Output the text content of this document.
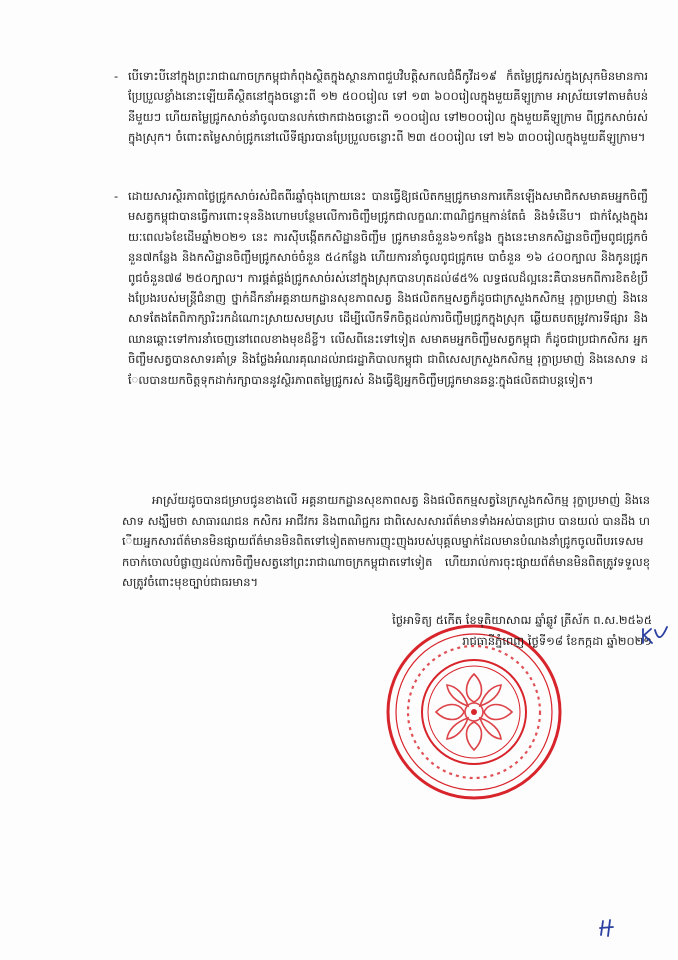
- បើទោះបីនៅក្នុងព្រះរាជាណាចក្រកម្ពុជាកំពុងស្ថិតក្នុងស្ថានភាពជួបវិបត្តិសកលជំងឺកូវីដ១៩ ក៏តម្លៃជ្រូករស់ក្នុងស្រុកមិនមានការប្រែប្រួលខ្លាំងនោះឡើយគឺស្ថិតនៅក្នុងចន្លោះពី ១២ ៥០០រៀល ទៅ ១៣ ៦០០រៀលក្នុងមួយគីឡូក្រាម អាស្រ័យទៅតាមតំបន់នីមួយៗ ហើយតម្លៃជ្រូកសាច់នាំចូលបានលក់ថោកជាងចន្លោះពី ១០០រៀល ទៅ២០០រៀល ក្នុងមួយគីឡូក្រាម ពីជ្រូកសាច់រស់ក្នុងស្រុក។ ចំពោះតម្លៃសាច់ជ្រូកនៅលើទីផ្សារបានប្រែប្រួលចន្លោះពី ២៣ ៥០០រៀល ទៅ ២៦ ៣០០រៀលក្នុងមួយគីឡូក្រាម។
- ដោយសារស្ថិរភាពថ្លៃជ្រូកសាច់រស់ជិតពីរឆ្នាំចុងក្រោយនេះ បានធ្វើឱ្យផលិតកម្មជ្រូកមានការកើនឡើងសមាជិកសមាគមអ្នកចិញ្ចឹមសត្វកម្ពុជាបានធ្វើការពោះទុននិងហោមបន្ថែមលើការចិញ្ចឹមជ្រូកជាលក្ខណៈពាណិជ្ជកម្មកាន់តែធំ និងទំនើប។ ជាក់ស្តែងក្នុងរយៈពេល៦ខែដើមឆ្នាំ២០២១ នេះ ការស៊ីបង្កើតកសិដ្ឋានចិញ្ចឹម ជ្រូកមានចំនួន៦១កន្លែង ក្នុងនេះមានកសិដ្ឋានចិញ្ចឹមពូជជ្រូកចំនួន៧កន្លែង និងកសិដ្ឋានចិញ្ចឹមជ្រូកសាច់ចំនួន ៥៤កន្លែង ហើយការនាំចូលពូជជ្រូកមេ បាចំនួន ១៦ ៤០០ក្បាល និងកូនជ្រូកពូជចំនួន៧៨ ២៥០ក្បាល។ ការផ្គត់ផ្គង់ជ្រូកសាច់រស់នៅក្នុងស្រុកបានហុតដល់៨៥% លទ្ធផលដ៏ល្អនេះគឺបានមកពីការខិតខំប្រឹងប្រែងរបស់មន្រ្តីជំនាញ ថ្នាក់ដឹកនាំអគ្គនាយកដ្ឋានសុខភាពសត្វ និងផលិតកម្មសត្វក៏ដូចជាក្រសួងកសិកម្ម រុក្ខាប្រមាញ់ និងនេសាទតែងតែពិភាក្សារិះរកដំណោះស្រាយសមស្រប ដើម្បីលើកទឹកចិត្តដល់ការចិញ្ចឹមជ្រូកក្នុងស្រុក ឆ្លើយតបតម្រូវការទីផ្សារ និងឈានឆ្ពោះទៅការនាំចេញនៅពេលខាងមុខដ៏ខ្លី។ លើសពីនេះទៅទៀត សមាគមអ្នកចិញ្ចឹមសត្វកម្ពុជា ក៏ដូចជាប្រជាកសិករ អ្នកចិញ្ចឹមសត្វបានសាទរគាំទ្រ និងថ្លែងអំណរគុណដល់រាជរដ្ឋាភិបាលកម្ពុជា ជាពិសេសក្រសួងកសិកម្ម រុក្ខាប្រមាញ់ និងនេសាទ ដែលបានយកចិត្តទុកដាក់រក្សាបាននូវស្ថិរភាពតម្លៃជ្រូករស់ និងធ្វើឱ្យអ្នកចិញ្ចឹមជ្រូកមានឆន្ទៈក្នុងផលិតជាបន្តទៀត។
អាស្រ័យដូចបានជម្រាបជូនខាងលើ អគ្គនាយកដ្ឋានសុខភាពសត្វ និងផលិតកម្មសត្វនៃក្រសួងកសិកម្ម រុក្ខាប្រមាញ់ និងនេសាទ សង្ឃឹមថា សាធារណជន កសិករ អាជីវករ និងពាណិជ្ជករ ជាពិសេសសារព័ត៌មានទាំងអស់បានជ្រាប បានយល់ បានដឹង ហើយអ្នកសារព័ត៌មានមិនផ្សាយព័ត៌មានមិនពិតទៅទៀតតាមការញុះញុងរបស់បុគ្គលម្នាក់ដែលមានបំណងនាំជ្រូកចូលពីបរទេសមកចាក់ចោលបំផ្លាញដល់ការចិញ្ចឹមសត្វនៅព្រះរាជាណាចក្រកម្ពុជាតទៅទៀត ហើយរាល់ការចុះផ្សាយព័ត៌មានមិនពិតត្រូវទទួលខុសត្រូវចំពោះមុខច្បាប់ជាធរមាន។
ថ្ងៃអាទិត្យ ៥កើត ខែទុតិយាសាឍ ឆ្នាំឆ្លូវ ត្រីស័ក ព.ស.២៥៦៥
រាជធានីភ្នំពេញ ថ្ងៃទី១៨ ខែកក្កដា ឆ្នាំ២០២១
